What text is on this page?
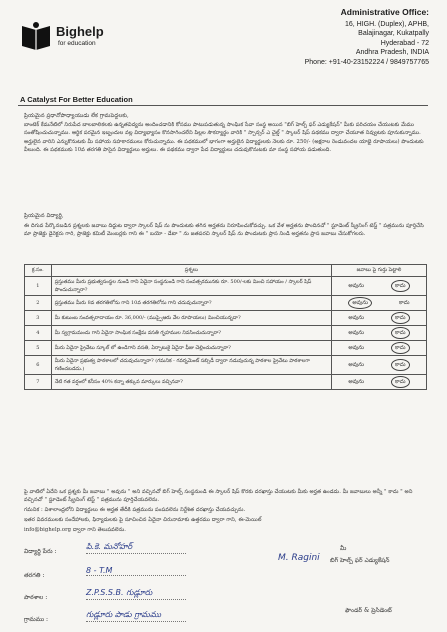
Bighelp
for education
A Catalyst For Better Education
Administrative Office:
16, HIGH. (Duplex), APHB,
Balajinagar, Kukatpally
Hyderabad - 72
Andhra Pradesh, INDIA
Phone: +91-40-23152224 / 9849757765
ప్రియమైన ప్రధానోపాధ్యాయుడు లేక గ్రామపెద్దలకు,
బాంటెక్ కేమనేటిలో నిరుపేద బాలబాలికలకు ఉన్నతవిద్యను అందించడానికి కోసము పాటుపడుతున్న సాంఘిక సేవా సంస్థ అయిన "బిగ్ హెల్ప్ ఫర్ ఎడ్యుకేషన్" మీకు పరిచయం చేయుటకు మేము సంతోషించుచున్నాము. ఆర్థిక పరమైన ఇబ్బందుల వల్ల విద్యాభ్యాసం కొనసాగించలేని పిల్లల సౌకర్యార్థం వారికి " స్పాన్సర్ ఎ చైల్డ్ " స్కాలర్ షిప్ పథకము ద్వారా చేయూత నివ్వుటకు పూనుకున్నాము. అర్హులైన వారిని ఎన్నుకొనుటకు మీ సహాయ సహకారములు కోరుచున్నాము. ఈ పథకములో భాగంగా అర్హులైన విద్యార్థులకు నెలకు రూ. 250/- (అక్షరాల రెండువందల యాభై రూపాయలు) పొందుటకు వీలుంది. ఈ పథకముకు 10వ తరగతి పాసైన విద్యార్థులు అర్హులు. ఈ పథకము ద్వారా పేద విద్యార్థులు చదువుకొనుటకు మా సంస్థ సహాయ పడుతుంది.
ప్రియమైన విద్యార్థి,
ఈ దిగువ పేర్కొనబడిన ప్రశ్నలకు జవాబు దిద్దుట ద్వారా స్కాలర్ షిప్ ను పొందుటకు తగిన అర్హతను నిరూపించుకోవచ్చు. ఒక వేళ అర్హతను పొందినచో " స్టూడెంట్ స్క్రీనింగ్ టెస్ట్ " పత్రమును పూర్తిచేసి మా ప్రాజెక్టు డైరెక్టరు గారి, ప్రాజెక్టు కమిటీ మెంబర్లకు గాని ఈ " బయో - డేటా " ను జతపరచి స్కాలర్ షిప్ ను పొందుటకు ప్రాస నిండి అర్హతను ప్రాస జవాబు చేసుకోగలరు.
క్ర.సం.	ప్రశ్నలు	జవాబు పై గుర్తు పెట్టాలి
1	ప్రస్తుతము మీరు ప్రభుత్వసంస్థల నుండి గాని ఏదైనా సంస్థనుండి గాని సంవత్సరమునకు రూ. 500/-లకు మించి సహాయం / స్కాలర్ షిప్ పొందుచున్నారా?	అవును కాదు

2	ప్రస్తుతము మీరు 8వ తరగతిలోను గాని 10వ తరగతిలోను గాని చదువుచున్నారా?	అవును కాదు

3	మీ కుటుంబ సంవత్సరాదాయం రూ. 36,000/- (ముప్పైఆరు వేల రూపాయలు) మించియున్నదా?	అవును కాదు

4	మీ స్వగ్రామమందు గాని ఏదైనా సాంఘిక సంక్షేమ వసతి గృహముల నివసించుచున్నారా?	అవును కాదు

5	మీరు ఏదైనా ప్రైవేటు స్కూల్ లో ఉండిగాని వసతి, ఏర్పాటుకై ఏదైనా ఫీజు చెల్లించుచున్నారా?	అవును కాదు

6	మీరు ఏదైనా ప్రభుత్వ పాఠశాలలో చదువుచున్నారా? (గమనిక - గవర్నమెంట్ సబ్సిడీ ద్వారా నడువుచున్న పాఠశాల ప్రైవేటు పాఠశాలగా గణించబడదు.)	అవును కాదు

7	నేటి గత వర్షంలో కనీసం 40% కన్నా తక్కువ మార్కులు వచ్చినవా?	అవును కాదు
పై వాటిలో ఏదేని ఒక ప్రశ్నకు మీ జవాబు " అవును " అని వచ్చినచో బిగ్ హెల్ప్ సంస్థనుండి ఈ స్కాలర్ షిప్ కొరకు దరఖాస్తు చేయుటకు మీకు అర్హత ఉండదు. మీ జవాబులు అన్నీ " కాదు " అని వచ్చినచో " స్టూడెంట్ స్క్రీనింగ్ టెస్ట్ " పత్రమును పూర్తిచేయవలెను.
గమనిక : విశాలాంధ్రలోని విద్యార్థులు ఈ అర్హత తేదీకి పత్రమును పంపవలెను నిర్దేశిత దరఖాస్తు చేయవచ్చును.
ఇతర వివరములకు సందేహాలకు, ఫిర్యాదులకు పై సూచించిన ఏదైనా చిరునామాకు ఉత్తరము ద్వారా గాని, ఈ-మెయిల్
info@bighelp.org ద్వారా గాని తెలుపవలెను.
విద్యార్థి పేరు :
పి.కె. మనోహర్
తరగతి :
8 - T.M
పాఠశాల :
Z.P.S.S.B. గుడ్లూరు
గ్రామము :
గుడ్లూరు పాడు గ్రామము
మీ
M. Ragini బిగ్ హెల్ప్ ఫర్ ఎడ్యుకేషన్
ఫౌండర్ & ప్రెసిడెంట్
